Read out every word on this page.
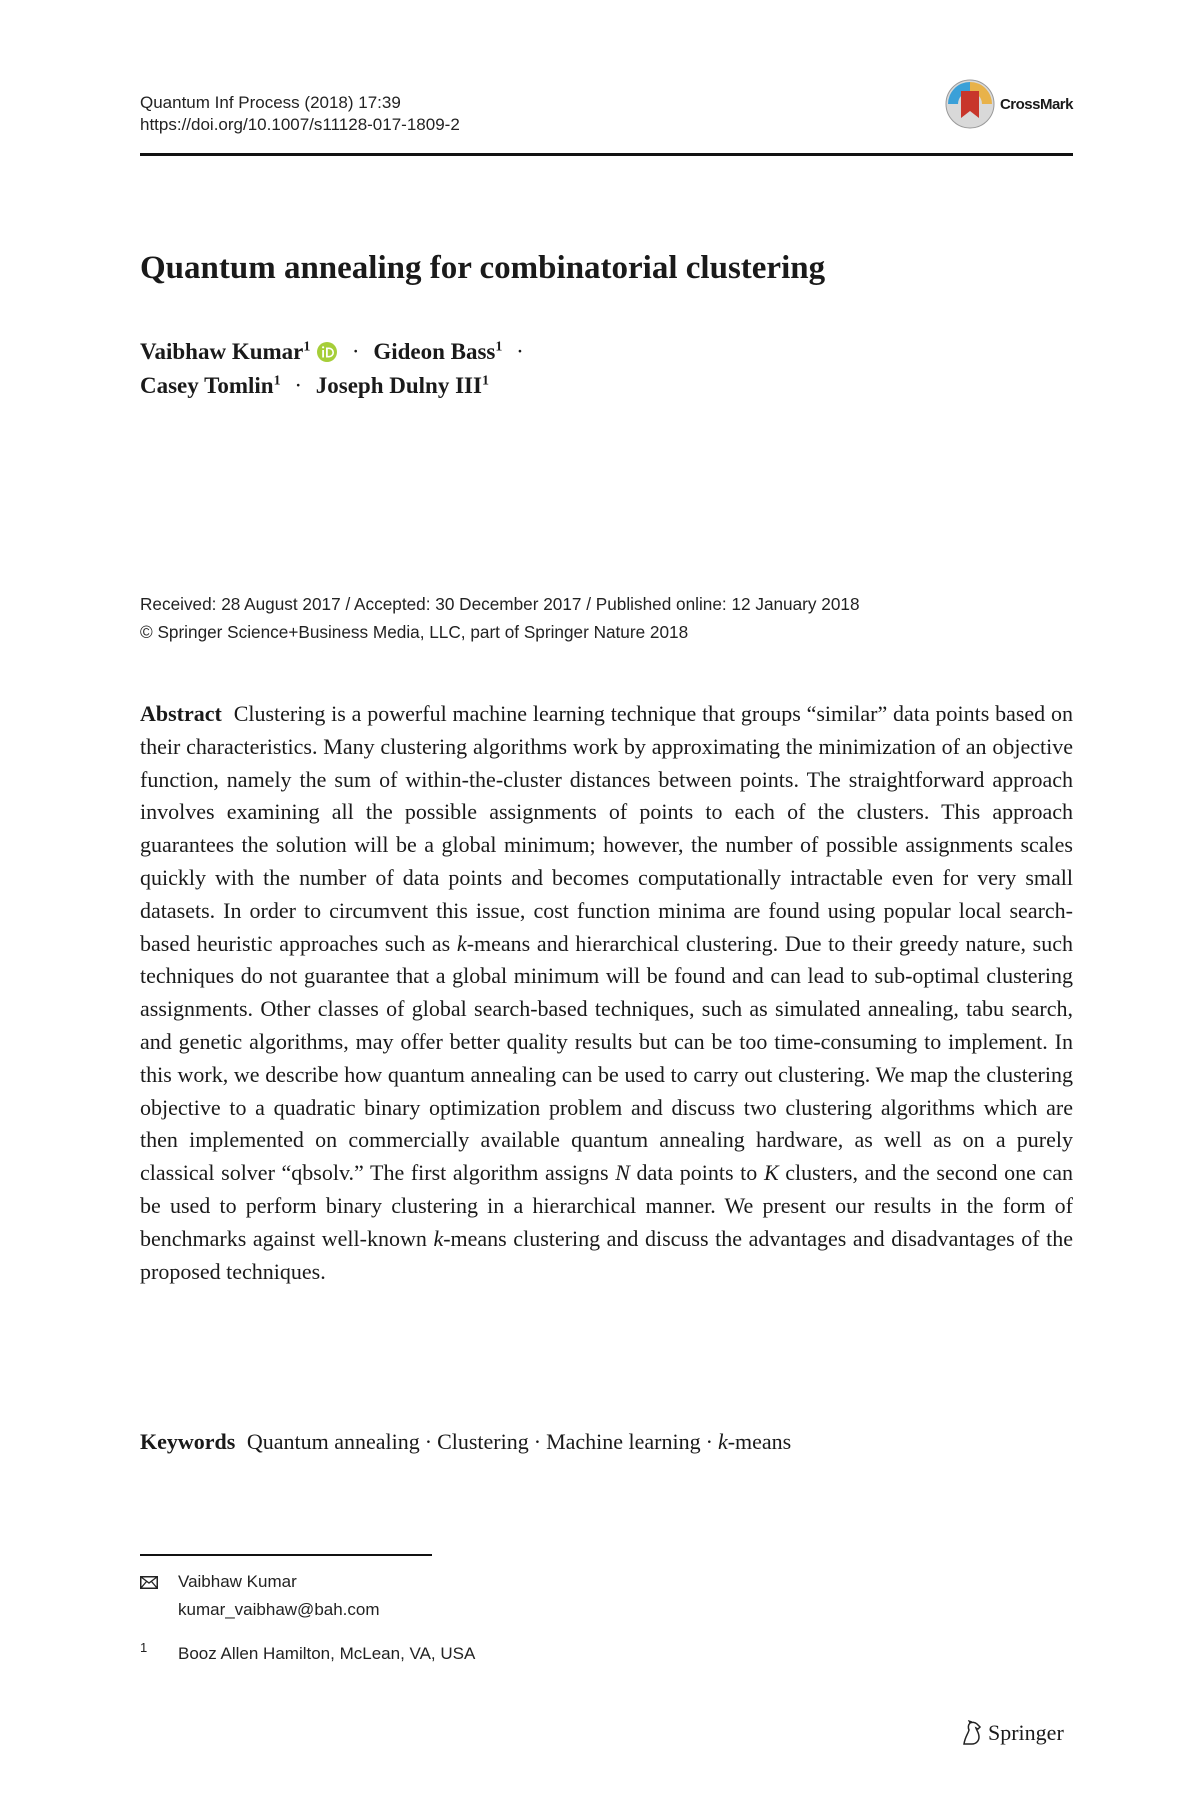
Quantum Inf Process (2018) 17:39
https://doi.org/10.1007/s11128-017-1809-2
CrossMark
Quantum annealing for combinatorial clustering
Vaibhaw Kumar$^1$ · Gideon Bass$^1$ ·
Casey Tomlin$^1$ · Joseph Dulny III$^1$
Received: 28 August 2017 / Accepted: 30 December 2017 / Published online: 12 January 2018
© Springer Science+Business Media, LLC, part of Springer Nature 2018
Abstract Clustering is a powerful machine learning technique that groups “similar” data points based on their characteristics. Many clustering algorithms work by approximating the minimization of an objective function, namely the sum of within-the-cluster distances between points. The straightforward approach involves examining all the possible assignments of points to each of the clusters. This approach guarantees the solution will be a global minimum; however, the number of possible assignments scales quickly with the number of data points and becomes computationally intractable even for very small datasets. In order to circumvent this issue, cost function minima are found using popular local search-based heuristic approaches such as k-means and hierarchical clustering. Due to their greedy nature, such techniques do not guarantee that a global minimum will be found and can lead to sub-optimal clustering assignments. Other classes of global search-based techniques, such as simulated annealing, tabu search, and genetic algorithms, may offer better quality results but can be too time-consuming to implement. In this work, we describe how quantum annealing can be used to carry out clustering. We map the clustering objective to a quadratic binary optimization problem and discuss two clustering algorithms which are then implemented on commercially available quantum annealing hardware, as well as on a purely classical solver “qbsolv.” The first algorithm assigns N data points to K clusters, and the second one can be used to perform binary clustering in a hierarchical manner. We present our results in the form of benchmarks against well-known k-means clustering and discuss the advantages and disadvantages of the proposed techniques.
Keywords Quantum annealing · Clustering · Machine learning · k-means
Vaibhaw Kumar
kumar_vaibhaw@bah.com
1 Booz Allen Hamilton, McLean, VA, USA
Springer
